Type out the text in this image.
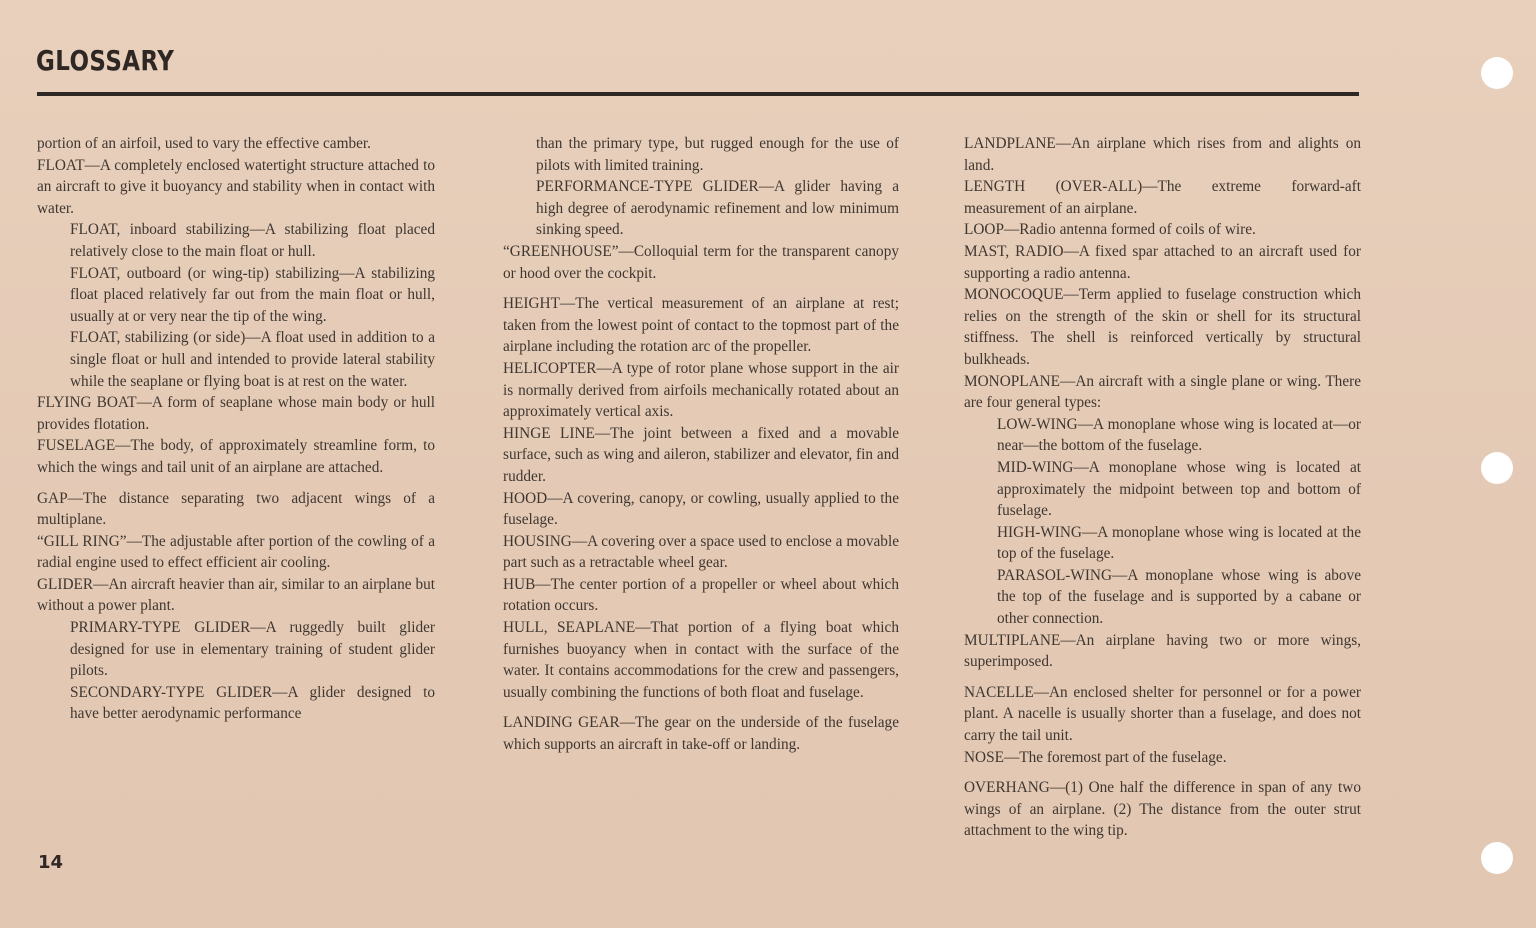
GLOSSARY

portion of an airfoil, used to vary the effective camber.

FLOAT—A completely enclosed watertight structure attached to an aircraft to give it buoyancy and stability when in contact with water.

FLOAT, inboard stabilizing—A stabilizing float placed relatively close to the main float or hull.

FLOAT, outboard (or wing-tip) stabilizing—A stabilizing float placed relatively far out from the main float or hull, usually at or very near the tip of the wing.

FLOAT, stabilizing (or side)—A float used in addition to a single float or hull and intended to provide lateral stability while the seaplane or flying boat is at rest on the water.

FLYING BOAT—A form of seaplane whose main body or hull provides flotation.

FUSELAGE—The body, of approximately streamline form, to which the wings and tail unit of an airplane are attached.

GAP—The distance separating two adjacent wings of a multiplane.

“GILL RING”—The adjustable after portion of the cowling of a radial engine used to effect efficient air cooling.

GLIDER—An aircraft heavier than air, similar to an airplane but without a power plant.

PRIMARY-TYPE GLIDER—A ruggedly built glider designed for use in elementary training of student glider pilots.

SECONDARY-TYPE GLIDER—A glider designed to have better aerodynamic performance

than the primary type, but rugged enough for the use of pilots with limited training.

PERFORMANCE-TYPE GLIDER—A glider having a high degree of aerodynamic refinement and low minimum sinking speed.

“GREENHOUSE”—Colloquial term for the transparent canopy or hood over the cockpit.

HEIGHT—The vertical measurement of an airplane at rest; taken from the lowest point of contact to the topmost part of the airplane including the rotation arc of the propeller.

HELICOPTER—A type of rotor plane whose support in the air is normally derived from airfoils mechanically rotated about an approximately vertical axis.

HINGE LINE—The joint between a fixed and a movable surface, such as wing and aileron, stabilizer and elevator, fin and rudder.

HOOD—A covering, canopy, or cowling, usually applied to the fuselage.

HOUSING—A covering over a space used to enclose a movable part such as a retractable wheel gear.

HUB—The center portion of a propeller or wheel about which rotation occurs.

HULL, SEAPLANE—That portion of a flying boat which furnishes buoyancy when in contact with the surface of the water. It contains accommodations for the crew and passengers, usually combining the functions of both float and fuselage.

LANDING GEAR—The gear on the underside of the fuselage which supports an aircraft in take-off or landing.

LANDPLANE—An airplane which rises from and alights on land.

LENGTH (OVER-ALL)—The extreme forward-aft measurement of an airplane.

LOOP—Radio antenna formed of coils of wire.

MAST, RADIO—A fixed spar attached to an aircraft used for supporting a radio antenna.

MONOCOQUE—Term applied to fuselage construction which relies on the strength of the skin or shell for its structural stiffness. The shell is reinforced vertically by structural bulkheads.

MONOPLANE—An aircraft with a single plane or wing. There are four general types:

LOW-WING—A monoplane whose wing is located at—or near—the bottom of the fuselage.

MID-WING—A monoplane whose wing is located at approximately the midpoint between top and bottom of fuselage.

HIGH-WING—A monoplane whose wing is located at the top of the fuselage.

PARASOL-WING—A monoplane whose wing is above the top of the fuselage and is supported by a cabane or other connection.

MULTIPLANE—An airplane having two or more wings, superimposed.

NACELLE—An enclosed shelter for personnel or for a power plant. A nacelle is usually shorter than a fuselage, and does not carry the tail unit.

NOSE—The foremost part of the fuselage.

OVERHANG—(1) One half the difference in span of any two wings of an airplane. (2) The distance from the outer strut attachment to the wing tip.

14
